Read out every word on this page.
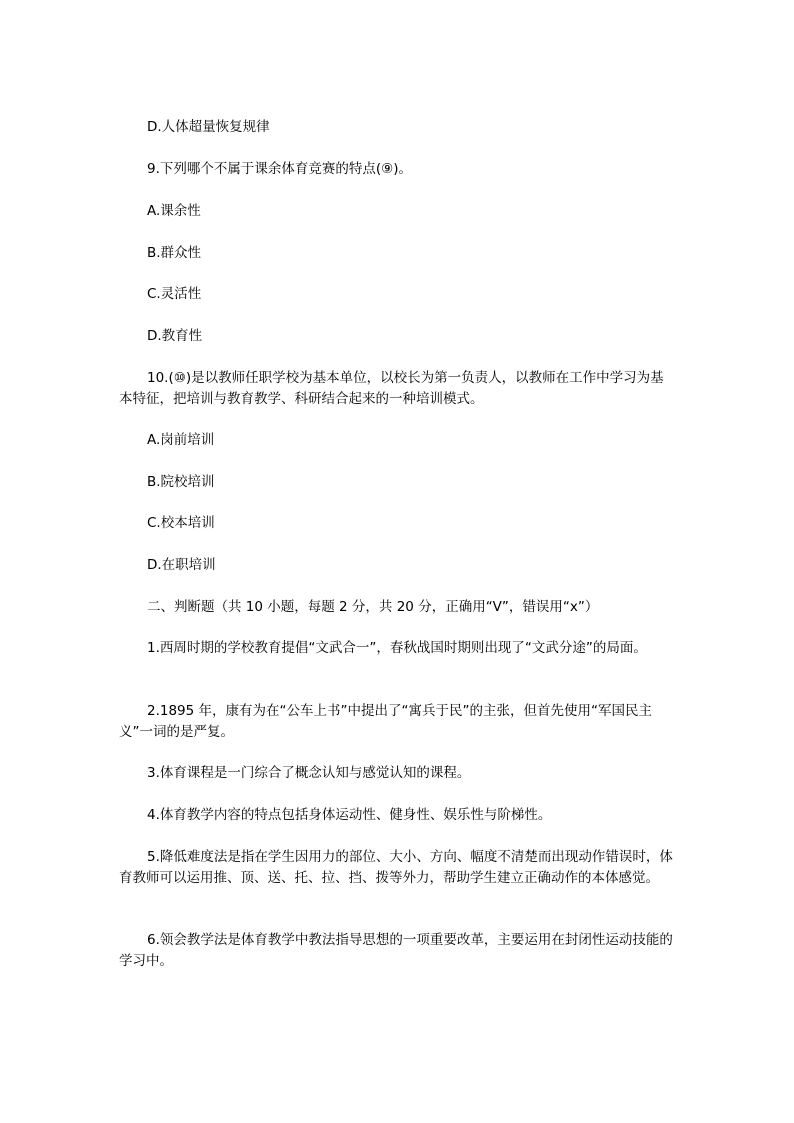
D.人体超量恢复规律

9.下列哪个不属于课余体育竞赛的特点(⑨)。

A.课余性

B.群众性

C.灵活性

D.教育性

10.(⑩)是以教师任职学校为基本单位，以校长为第一负责人，以教师在工作中学习为基本特征，把培训与教育教学、科研结合起来的一种培训模式。

A.岗前培训

B.院校培训

C.校本培训

D.在职培训

二、判断题（共 10 小题，每题 2 分，共 20 分，正确用“V”，错误用“x”）

1.西周时期的学校教育提倡“文武合一”，春秋战国时期则出现了“文武分途”的局面。

2.1895 年，康有为在“公车上书”中提出了“寓兵于民”的主张，但首先使用“军国民主义”一词的是严复。

3.体育课程是一门综合了概念认知与感觉认知的课程。

4.体育教学内容的特点包括身体运动性、健身性、娱乐性与阶梯性。

5.降低难度法是指在学生因用力的部位、大小、方向、幅度不清楚而出现动作错误时，体育教师可以运用推、顶、送、托、拉、挡、拨等外力，帮助学生建立正确动作的本体感觉。

6.领会教学法是体育教学中教法指导思想的一项重要改革，主要运用在封闭性运动技能的学习中。
